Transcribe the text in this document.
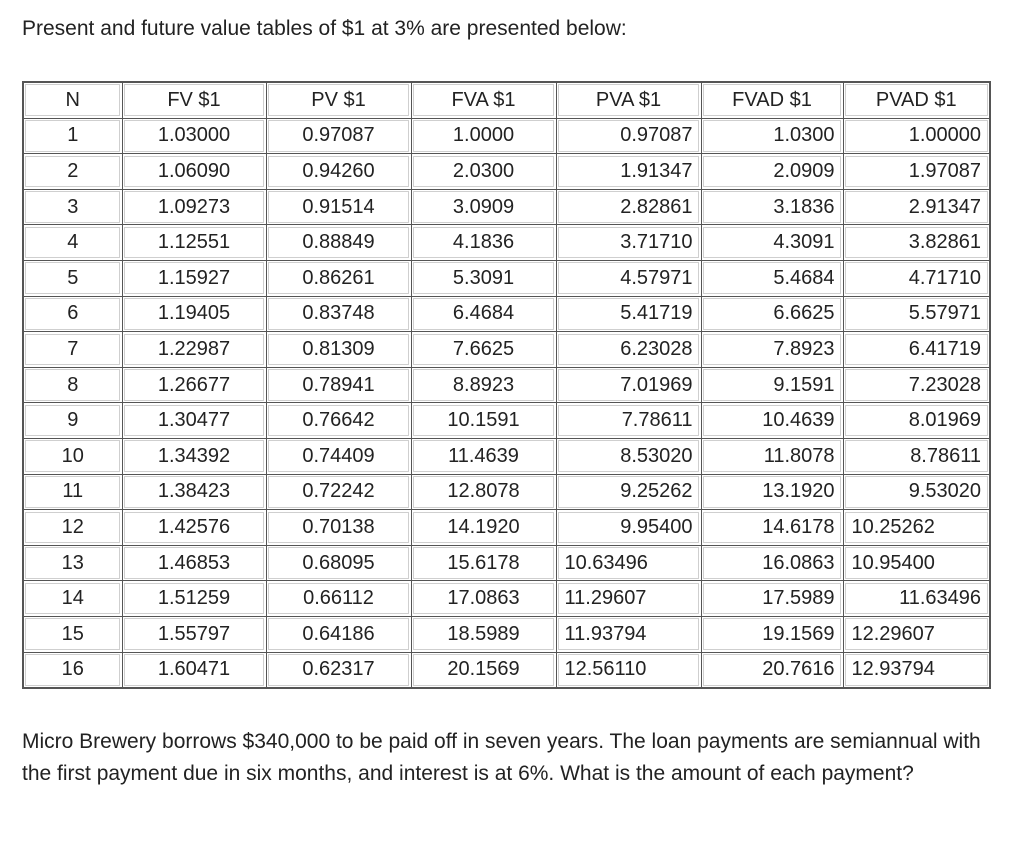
Present and future value tables of $1 at 3% are presented below:

N	FV $1	PV $1	FVA $1	PVA $1	FVAD $1	PVAD $1
1	1.03000	0.97087	1.0000	0.97087	1.0300	1.00000
2	1.06090	0.94260	2.0300	1.91347	2.0909	1.97087
3	1.09273	0.91514	3.0909	2.82861	3.1836	2.91347
4	1.12551	0.88849	4.1836	3.71710	4.3091	3.82861
5	1.15927	0.86261	5.3091	4.57971	5.4684	4.71710
6	1.19405	0.83748	6.4684	5.41719	6.6625	5.57971
7	1.22987	0.81309	7.6625	6.23028	7.8923	6.41719
8	1.26677	0.78941	8.8923	7.01969	9.1591	7.23028
9	1.30477	0.76642	10.1591	7.78611	10.4639	8.01969
10	1.34392	0.74409	11.4639	8.53020	11.8078	8.78611
11	1.38423	0.72242	12.8078	9.25262	13.1920	9.53020
12	1.42576	0.70138	14.1920	9.95400	14.6178	10.25262
13	1.46853	0.68095	15.6178	10.63496	16.0863	10.95400
14	1.51259	0.66112	17.0863	11.29607	17.5989	11.63496
15	1.55797	0.64186	18.5989	11.93794	19.1569	12.29607
16	1.60471	0.62317	20.1569	12.56110	20.7616	12.93794

Micro Brewery borrows $340,000 to be paid off in seven years. The loan payments are semiannual with the first payment due in six months, and interest is at 6%. What is the amount of each payment?
